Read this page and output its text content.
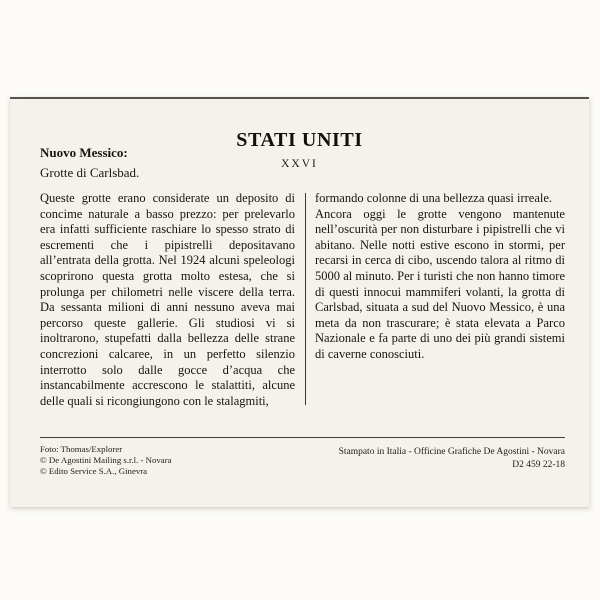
STATI UNITI
XXVI
Nuovo Messico:
Grotte di Carlsbad.

Queste grotte erano considerate un deposito di concime naturale a basso prezzo: per prelevarlo era infatti sufficiente raschiare lo spesso strato di escrementi che i pipistrelli depositavano all’entrata della grotta. Nel 1924 alcuni speleologi scoprirono questa grotta molto estesa, che si prolunga per chilometri nelle viscere della terra. Da sessanta milioni di anni nessuno aveva mai percorso queste gallerie. Gli studiosi vi si inoltrarono, stupefatti dalla bellezza delle strane concrezioni calcaree, in un perfetto silenzio interrotto solo dalle gocce d’acqua che instancabilmente accrescono le stalattiti, alcune delle quali si ricongiungono con le stalagmiti,

formando colonne di una bellezza quasi irreale.

Ancora oggi le grotte vengono mantenute nell’oscurità per non disturbare i pipistrelli che vi abitano. Nelle notti estive escono in stormi, per recarsi in cerca di cibo, uscendo talora al ritmo di 5000 al minuto. Per i turisti che non hanno timore di questi innocui mammiferi volanti, la grotta di Carlsbad, situata a sud del Nuovo Messico, è una meta da non trascurare; è stata elevata a Parco Nazionale e fa parte di uno dei più grandi sistemi di caverne conosciuti.

Foto: Thomas/Explorer
© De Agostini Mailing s.r.l. - Novara
© Edito Service S.A., Ginevra
Stampato in Italia - Officine Grafiche De Agostini - Novara
D2 459 22-18
